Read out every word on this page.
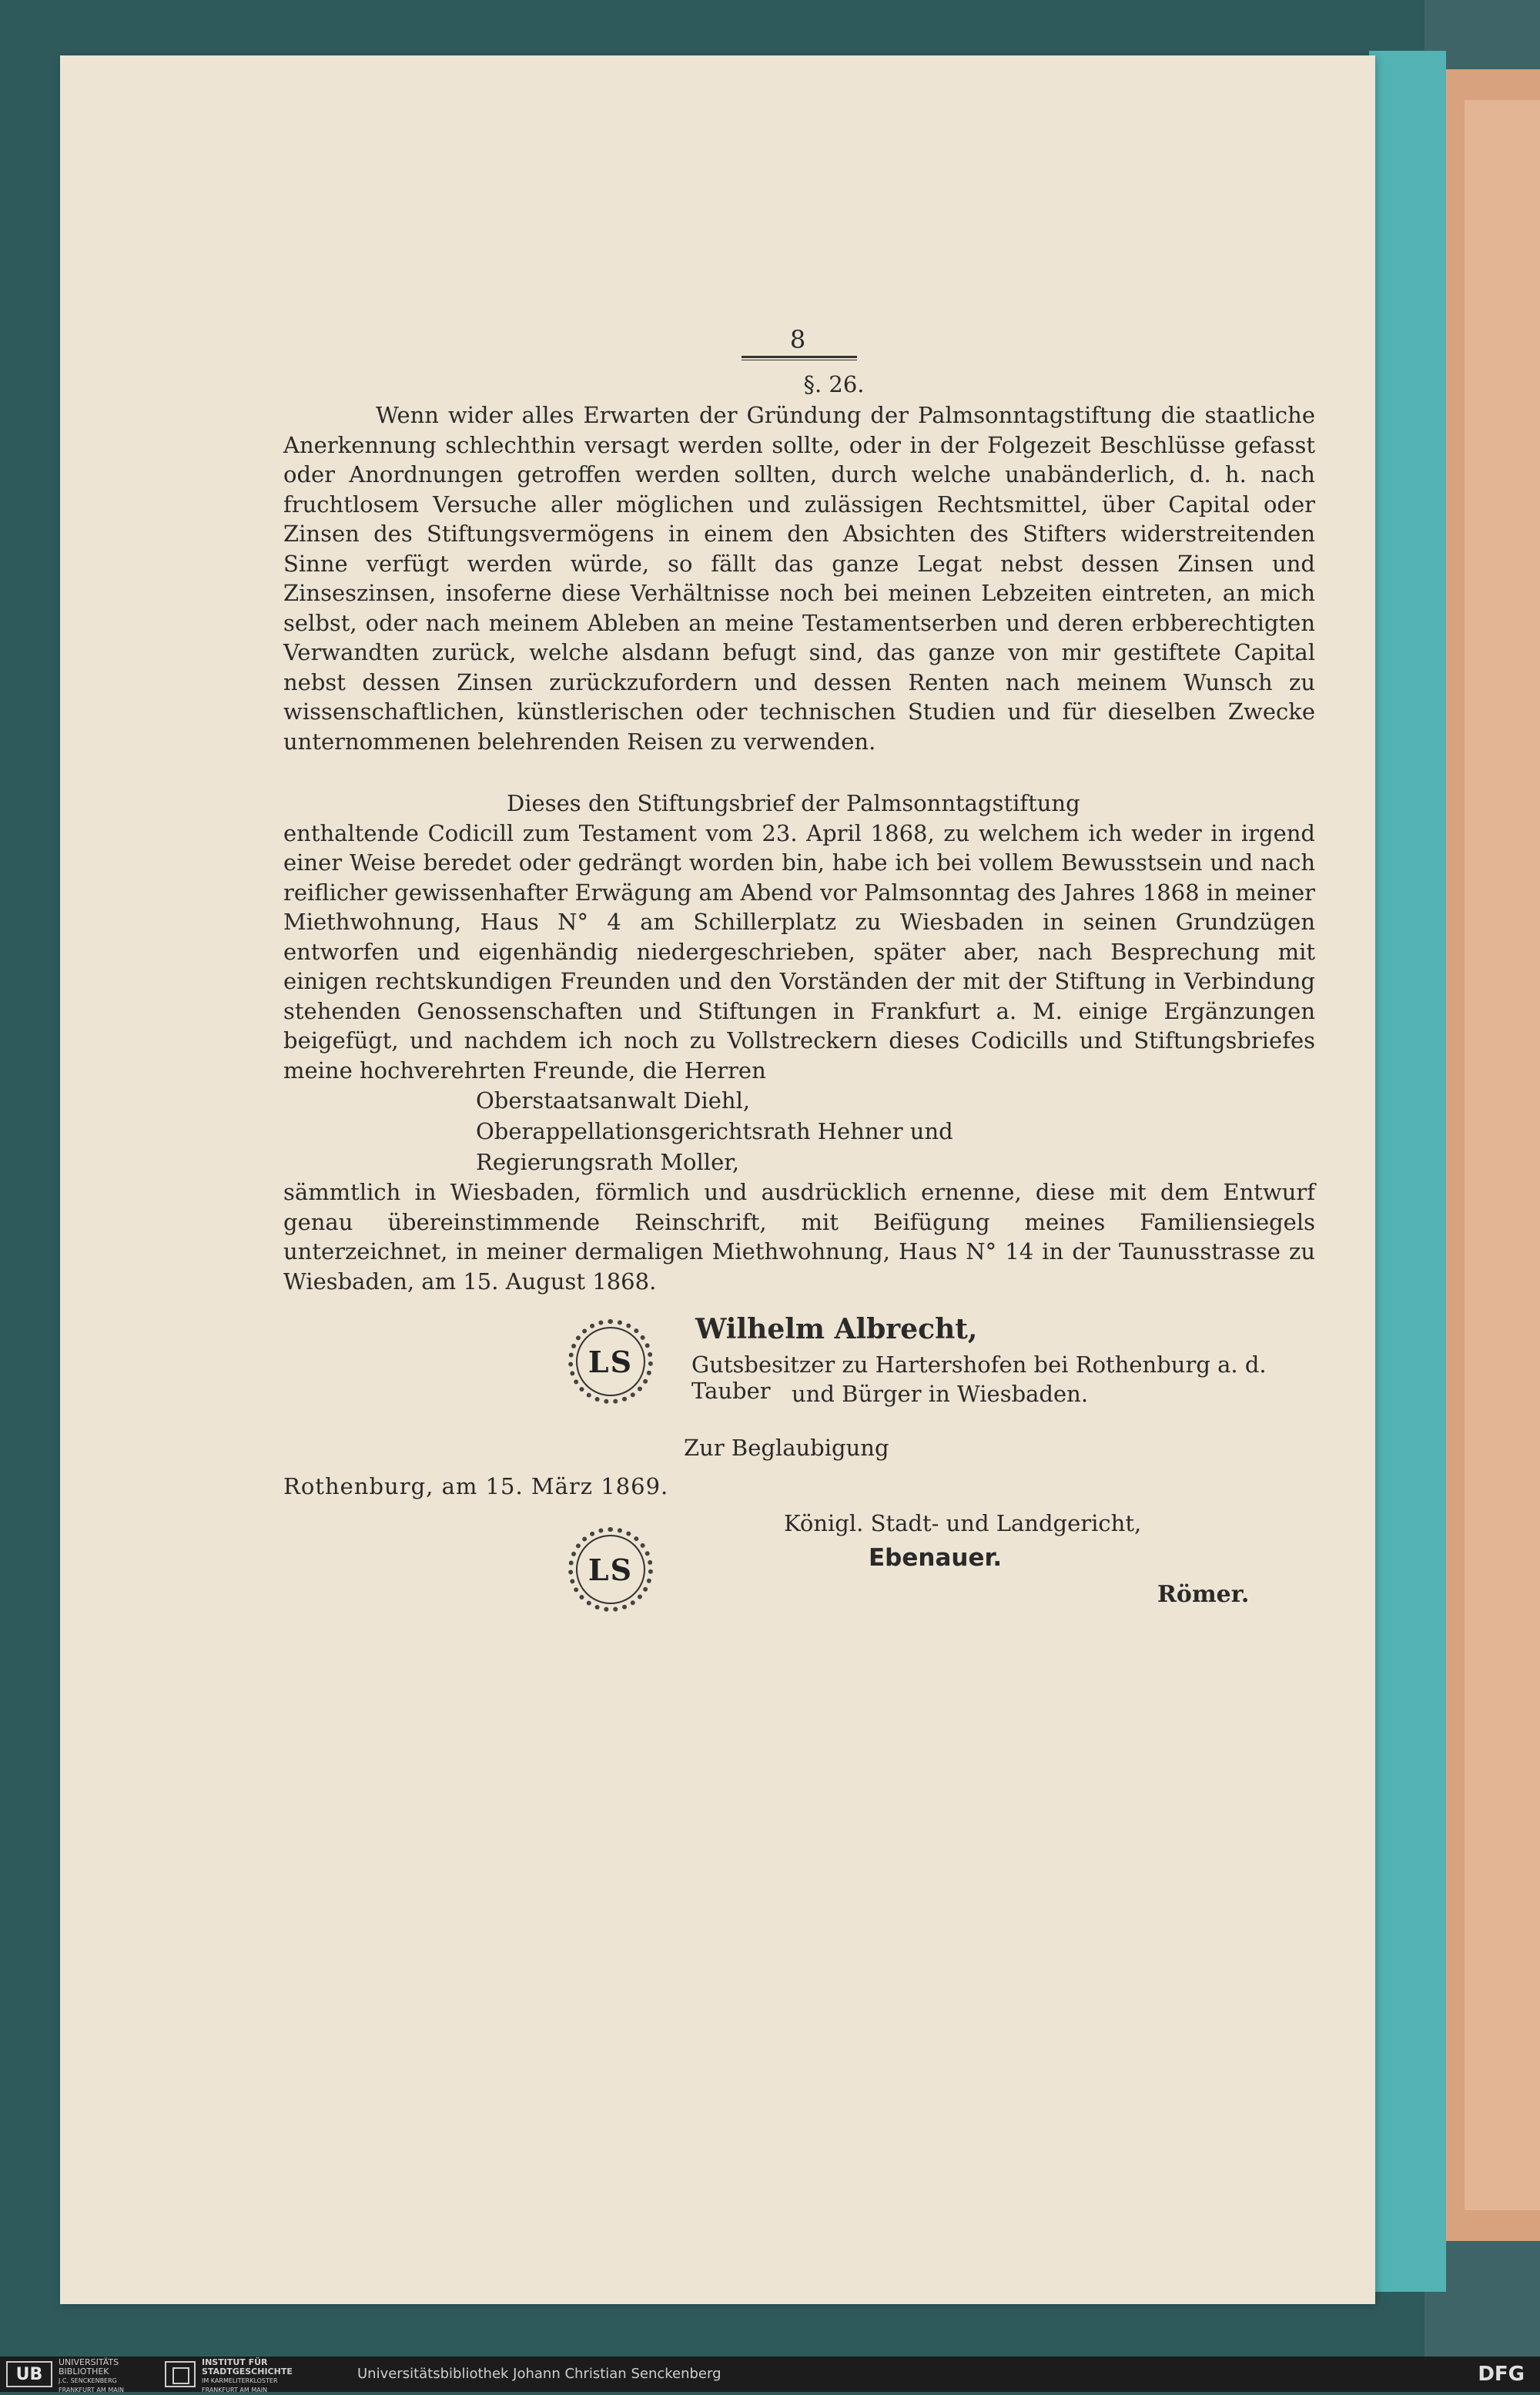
8
§. 26.

Wenn wider alles Erwarten der Gründung der Palmsonntagstiftung die staatliche Anerkennung schlechthin versagt werden sollte, oder in der Folgezeit Beschlüsse gefasst oder Anordnungen getroffen werden sollten, durch welche unabänderlich, d. h. nach fruchtlosem Versuche aller möglichen und zulässigen Rechtsmittel, über Capital oder Zinsen des Stiftungsvermögens in einem den Absichten des Stifters widerstreitenden Sinne verfügt werden würde, so fällt das ganze Legat nebst dessen Zinsen und Zinseszinsen, insoferne diese Verhältnisse noch bei meinen Lebzeiten eintreten, an mich selbst, oder nach meinem Ableben an meine Testamentserben und deren erbberechtigten Verwandten zurück, welche alsdann befugt sind, das ganze von mir gestiftete Capital nebst dessen Zinsen zurückzufordern und dessen Renten nach meinem Wunsch zu wissenschaftlichen, künstlerischen oder technischen Studien und für dieselben Zwecke unternommenen belehrenden Reisen zu verwenden.

Dieses den Stiftungsbrief der Palmsonntagstiftung

enthaltende Codicill zum Testament vom 23. April 1868, zu welchem ich weder in irgend einer Weise beredet oder gedrängt worden bin, habe ich bei vollem Bewusstsein und nach reiflicher gewissenhafter Erwägung am Abend vor Palmsonntag des Jahres 1868 in meiner Miethwohnung, Haus N° 4 am Schillerplatz zu Wiesbaden in seinen Grundzügen entworfen und eigenhändig niedergeschrieben, später aber, nach Besprechung mit einigen rechtskundigen Freunden und den Vorständen der mit der Stiftung in Verbindung stehenden Genossenschaften und Stiftungen in Frankfurt a. M. einige Ergänzungen beigefügt, und nachdem ich noch zu Vollstreckern dieses Codicills und Stiftungsbriefes meine hochverehrten Freunde, die Herren

Oberstaatsanwalt Diehl,
Oberappellationsgerichtsrath Hehner und
Regierungsrath Moller,

sämmtlich in Wiesbaden, förmlich und ausdrücklich ernenne, diese mit dem Entwurf genau übereinstimmende Reinschrift, mit Beifügung meines Familiensiegels unterzeichnet, in meiner dermaligen Miethwohnung, Haus N° 14 in der Taunusstrasse zu Wiesbaden, am 15. August 1868.

LS
Wilhelm Albrecht,
Gutsbesitzer zu Hartershofen bei Rothenburg a. d. Tauber und Bürger in Wiesbaden.
Zur Beglaubigung
Rothenburg, am 15. März 1869.
Königl. Stadt- und Landgericht,
LS	Ebenauer.
Römer.
UB
UNIVERSITÄTS
BIBLIOTHEK
J.C. SENCKENBERG
FRANKFURT AM MAIN
INSTITUT FÜR
STADTGESCHICHTE
IM KARMELITERKLOSTER
FRANKFURT AM MAIN
Universitätsbibliothek Johann Christian Senckenberg	DFG
